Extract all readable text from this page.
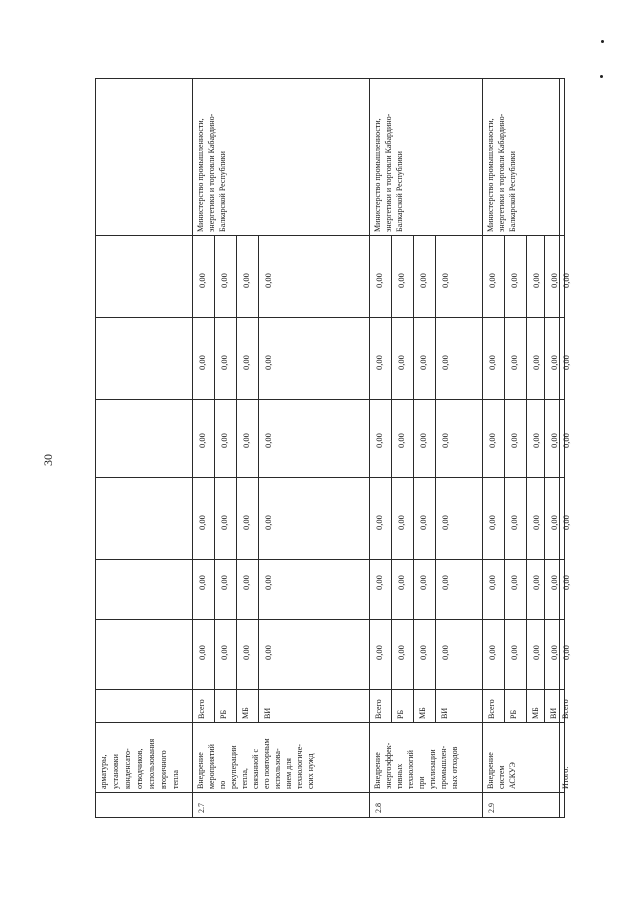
30
арматуры, установки конденсато- отводчиков, использования вторичного тепла
2.7
Внедрение мероприятий по рекуперации тепла, связанной с его повторным использова- нием для технологиче- ских нужд
Всего
0,00
0,00
0,00
0,00
0,00
0,00
РБ
0,00
0,00
0,00
0,00
0,00
0,00
МБ
0,00
0,00
0,00
0,00
0,00
0,00
ВИ
0,00
0,00
0,00
0,00
0,00
0,00
Министерство промышленности, энергетики и торговли Кабардино- Балкарской Республики
2.8
Внедрение энергоэффек- тивных технологий при утилизации промышлен- ных отходов
Всего
0,00
0,00
0,00
0,00
0,00
0,00
РБ
0,00
0,00
0,00
0,00
0,00
0,00
МБ
0,00
0,00
0,00
0,00
0,00
0,00
ВИ
0,00
0,00
0,00
0,00
0,00
0,00
Министерство промышленности, энергетики и торговли Кабардино- Балкарской Республики
2.9
Внедрение систем АСКУЭ
Всего
0,00
0,00
0,00
0,00
0,00
0,00
РБ
0,00
0,00
0,00
0,00
0,00
0,00
МБ
0,00
0,00
0,00
0,00
0,00
0,00
ВИ
0,00
0,00
0,00
0,00
0,00
0,00
Министерство промышленности, энергетики и торговли Кабардино- Балкарской Республики
Итого:
Всего
0,00
0,00
0,00
0,00
0,00
0,00
